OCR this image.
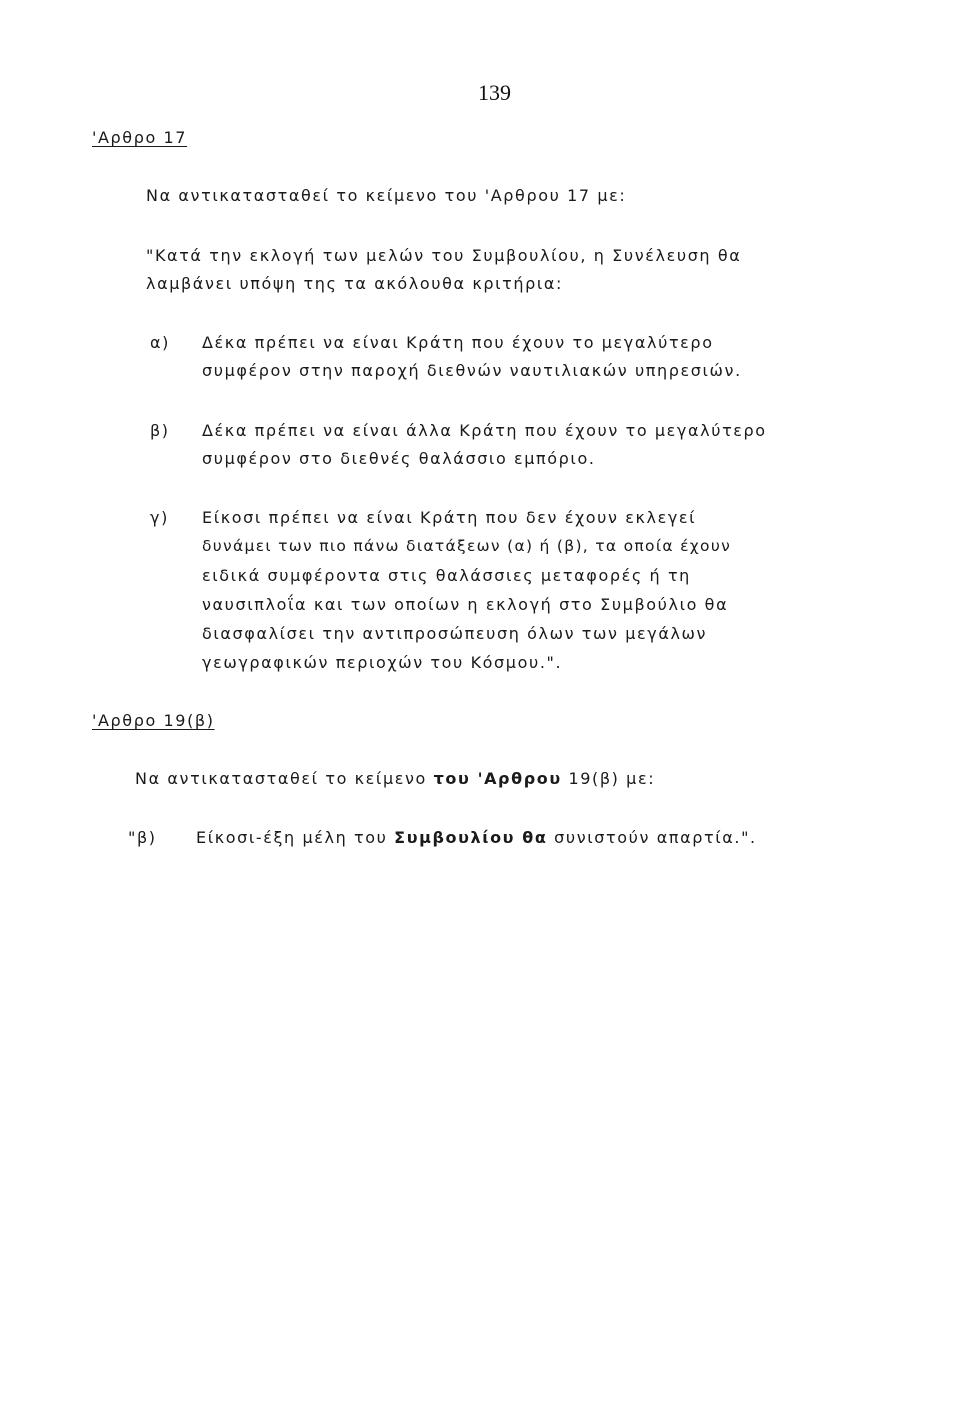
139
'Αρθρο 17
Να αντικατασταθεί το κείμενο του 'Αρθρου 17 με:
"Κατά την εκλογή των μελών του Συμβουλίου, η Συνέλευση θα
λαμβάνει υπόψη της τα ακόλουθα κριτήρια:
α) Δέκα πρέπει να είναι Κράτη που έχουν το μεγαλύτερο
συμφέρον στην παροχή διεθνών ναυτιλιακών υπηρεσιών.
β) Δέκα πρέπει να είναι άλλα Κράτη που έχουν το μεγαλύτερο
συμφέρον στο διεθνές θαλάσσιο εμπόριο.
γ) Είκοσι πρέπει να είναι Κράτη που δεν έχουν εκλεγεί
δυνάμει των πιο πάνω διατάξεων (α) ή (β), τα οποία έχουν
ειδικά συμφέροντα στις θαλάσσιες μεταφορές ή τη
ναυσιπλοΐα και των οποίων η εκλογή στο Συμβούλιο θα
διασφαλίσει την αντιπροσώπευση όλων των μεγάλων
γεωγραφικών περιοχών του Κόσμου.".
'Αρθρο 19(β)
Να αντικατασταθεί το κείμενο του 'Αρθρου 19(β) με:
"β) Είκοσι-έξη μέλη του Συμβουλίου θα συνιστούν απαρτία.".
